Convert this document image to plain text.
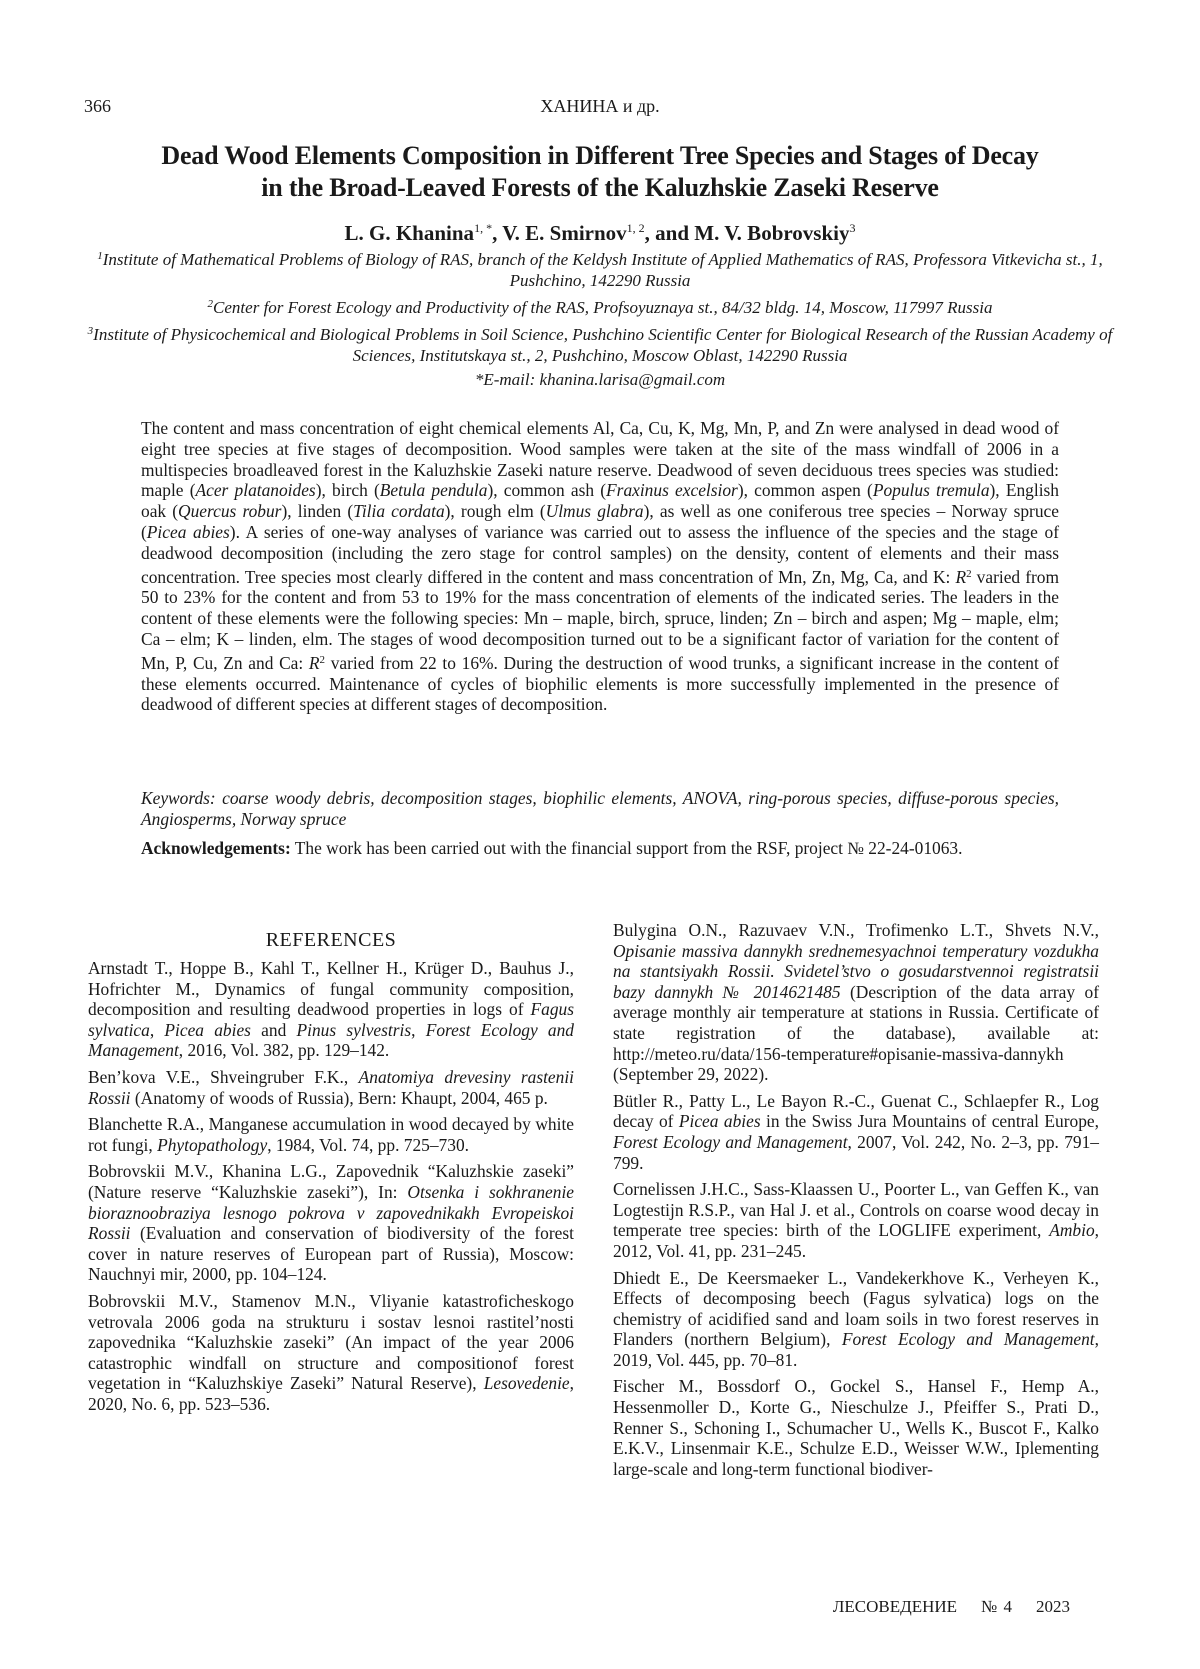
366	ХАНИНА и др.
Dead Wood Elements Composition in Different Tree Species and Stages of Decay
in the Broad-Leaved Forests of the Kaluzhskie Zaseki Reserve
L. G. Khanina$^{1, *}$, V. E. Smirnov$^{1, 2}$, and M. V. Bobrovskiy$^3$
$^1$Institute of Mathematical Problems of Biology of RAS, branch of the Keldysh Institute of Applied Mathematics of RAS, Professora Vitkevicha st., 1, Pushchino, 142290 Russia
$^2$Center for Forest Ecology and Productivity of the RAS, Profsoyuznaya st., 84/32 bldg. 14, Moscow, 117997 Russia
$^3$Institute of Physicochemical and Biological Problems in Soil Science, Pushchino Scientific Center for Biological Research of the Russian Academy of Sciences, Institutskaya st., 2, Pushchino, Moscow Oblast, 142290 Russia
*E-mail: khanina.larisa@gmail.com
The content and mass concentration of eight chemical elements Al, Ca, Cu, K, Mg, Mn, P, and Zn were analysed in dead wood of eight tree species at five stages of decomposition. Wood samples were taken at the site of the mass windfall of 2006 in a multispecies broadleaved forest in the Kaluzhskie Zaseki nature reserve. Deadwood of seven deciduous trees species was studied: maple (Acer platanoides), birch (Betula pendula), common ash (Fraxinus excelsior), common aspen (Populus tremula), English oak (Quercus robur), linden (Tilia cordata), rough elm (Ulmus glabra), as well as one coniferous tree species – Norway spruce (Picea abies). A series of one-way analyses of variance was carried out to assess the influence of the species and the stage of deadwood decomposition (including the zero stage for control samples) on the density, content of elements and their mass concentration. Tree species most clearly differed in the content and mass concentration of Mn, Zn, Mg, Ca, and K: $R^2$ varied from 50 to 23% for the content and from 53 to 19% for the mass concentration of elements of the indicated series. The leaders in the content of these elements were the following species: Mn – maple, birch, spruce, linden; Zn – birch and aspen; Mg – maple, elm; Ca – elm; K – linden, elm. The stages of wood decomposition turned out to be a significant factor of variation for the content of Mn, P, Cu, Zn and Ca: $R^2$ varied from 22 to 16%. During the destruction of wood trunks, a significant increase in the content of these elements occurred. Maintenance of cycles of biophilic elements is more successfully implemented in the presence of deadwood of different species at different stages of decomposition.
Keywords: coarse woody debris, decomposition stages, biophilic elements, ANOVA, ring-porous species, diffuse-porous species, Angiosperms, Norway spruce
Acknowledgements: The work has been carried out with the financial support from the RSF, project № 22-24-01063.
REFERENCES
Arnstadt T., Hoppe B., Kahl T., Kellner H., Krüger D., Bauhus J., Hofrichter M., Dynamics of fungal community composition, decomposition and resulting deadwood properties in logs of Fagus sylvatica, Picea abies and Pinus sylvestris, Forest Ecology and Management, 2016, Vol. 382, pp. 129–142.
Ben’kova V.E., Shveingruber F.K., Anatomiya drevesiny rastenii Rossii (Anatomy of woods of Russia), Bern: Khaupt, 2004, 465 p.
Blanchette R.A., Manganese accumulation in wood decayed by white rot fungi, Phytopathology, 1984, Vol. 74, pp. 725–730.
Bobrovskii M.V., Khanina L.G., Zapovednik “Kaluzhskie zaseki” (Nature reserve “Kaluzhskie zaseki”), In: Otsenka i sokhranenie bioraznoobraziya lesnogo pokrova v zapovednikakh Evropeiskoi Rossii (Evaluation and conservation of biodiversity of the forest cover in nature reserves of European part of Russia), Moscow: Nauchnyi mir, 2000, pp. 104–124.
Bobrovskii M.V., Stamenov M.N., Vliyanie katastroficheskogo vetrovala 2006 goda na strukturu i sostav lesnoi rastitel’nosti zapovednika “Kaluzhskie zaseki” (An impact of the year 2006 catastrophic windfall on structure and compositionof forest vegetation in “Kaluzhskiye Zaseki” Natural Reserve), Lesovedenie, 2020, No. 6, pp. 523–536.
Bulygina O.N., Razuvaev V.N., Trofimenko L.T., Shvets N.V., Opisanie massiva dannykh srednemesyachnoi temperatury vozdukha na stantsiyakh Rossii. Svidetel’stvo o gosudarstvennoi registratsii bazy dannykh № 2014621485 (Description of the data array of average monthly air temperature at stations in Russia. Certificate of state registration of the database), available at: http://meteo.ru/data/156-temperature#opisanie-massiva-dannykh (September 29, 2022).
Bütler R., Patty L., Le Bayon R.-C., Guenat C., Schlaepfer R., Log decay of Picea abies in the Swiss Jura Mountains of central Europe, Forest Ecology and Management, 2007, Vol. 242, No. 2–3, pp. 791–799.
Cornelissen J.H.C., Sass-Klaassen U., Poorter L., van Geffen K., van Logtestijn R.S.P., van Hal J. et al., Controls on coarse wood decay in temperate tree species: birth of the LOGLIFE experiment, Ambio, 2012, Vol. 41, pp. 231–245.
Dhiedt E., De Keersmaeker L., Vandekerkhove K., Verheyen K., Effects of decomposing beech (Fagus sylvatica) logs on the chemistry of acidified sand and loam soils in two forest reserves in Flanders (northern Belgium), Forest Ecology and Management, 2019, Vol. 445, pp. 70–81.
Fischer M., Bossdorf O., Gockel S., Hansel F., Hemp A., Hessenmoller D., Korte G., Nieschulze J., Pfeiffer S., Prati D., Renner S., Schoning I., Schumacher U., Wells K., Buscot F., Kalko E.K.V., Linsenmair K.E., Schulze E.D., Weisser W.W., Iplementing large-scale and long-term functional biodiver-
ЛЕСОВЕДЕНИЕ № 4 2023
